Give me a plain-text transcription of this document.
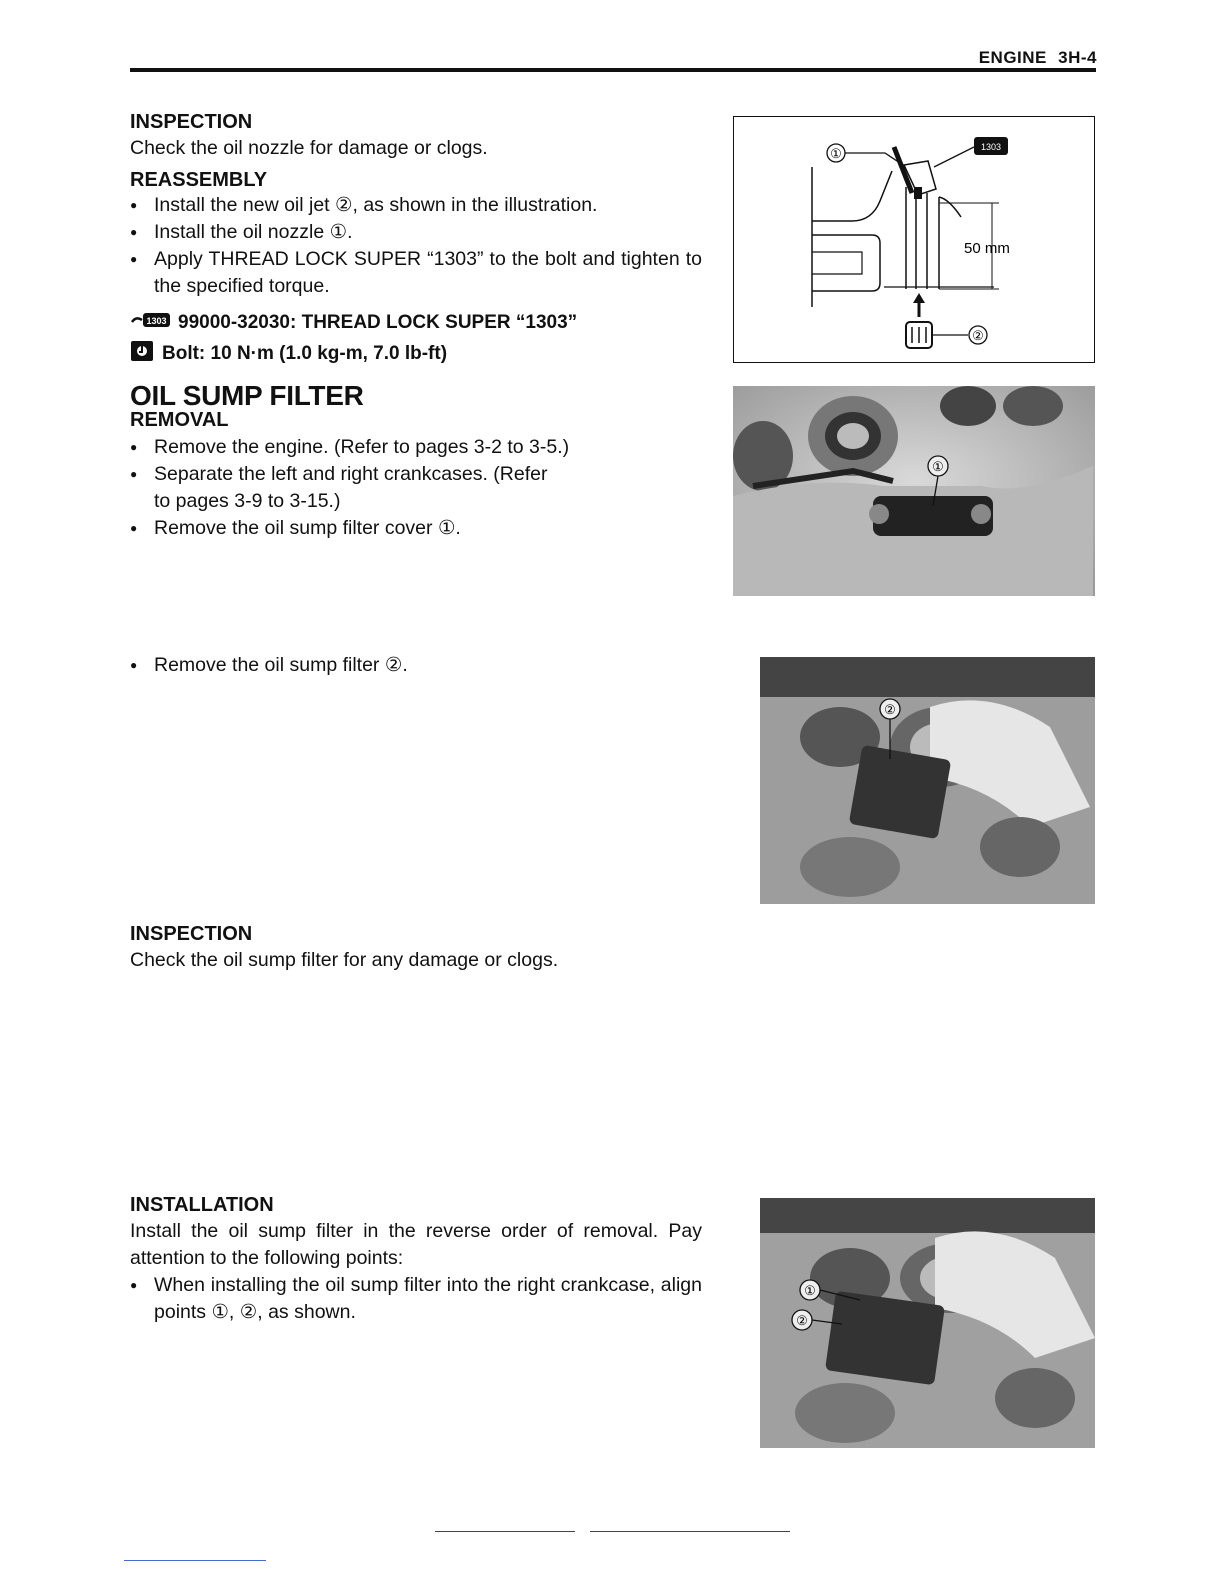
ENGINE 3H-4
INSPECTION
Check the oil nozzle for damage or clogs.
REASSEMBLY
● Install the new oil jet ②, as shown in the illustration.
● Install the oil nozzle ①.
● Apply THREAD LOCK SUPER “1303” to the bolt and tighten to the specified torque.
1303 99000-32030: THREAD LOCK SUPER “1303”
Bolt: 10 N·m (1.0 kg-m, 7.0 lb-ft)
①	1303
50 mm
②
OIL SUMP FILTER
REMOVAL
● Remove the engine. (Refer to pages 3-2 to 3-5.)
● Separate the left and right crankcases. (Refer to pages 3-9 to 3-15.)
● Remove the oil sump filter cover ①.
● Remove the oil sump filter ②.
INSPECTION
Check the oil sump filter for any damage or clogs.
INSTALLATION
Install the oil sump filter in the reverse order of removal. Pay attention to the following points:
● When installing the oil sump filter into the right crankcase, align points ①, ②, as shown.
①
②
①
②
